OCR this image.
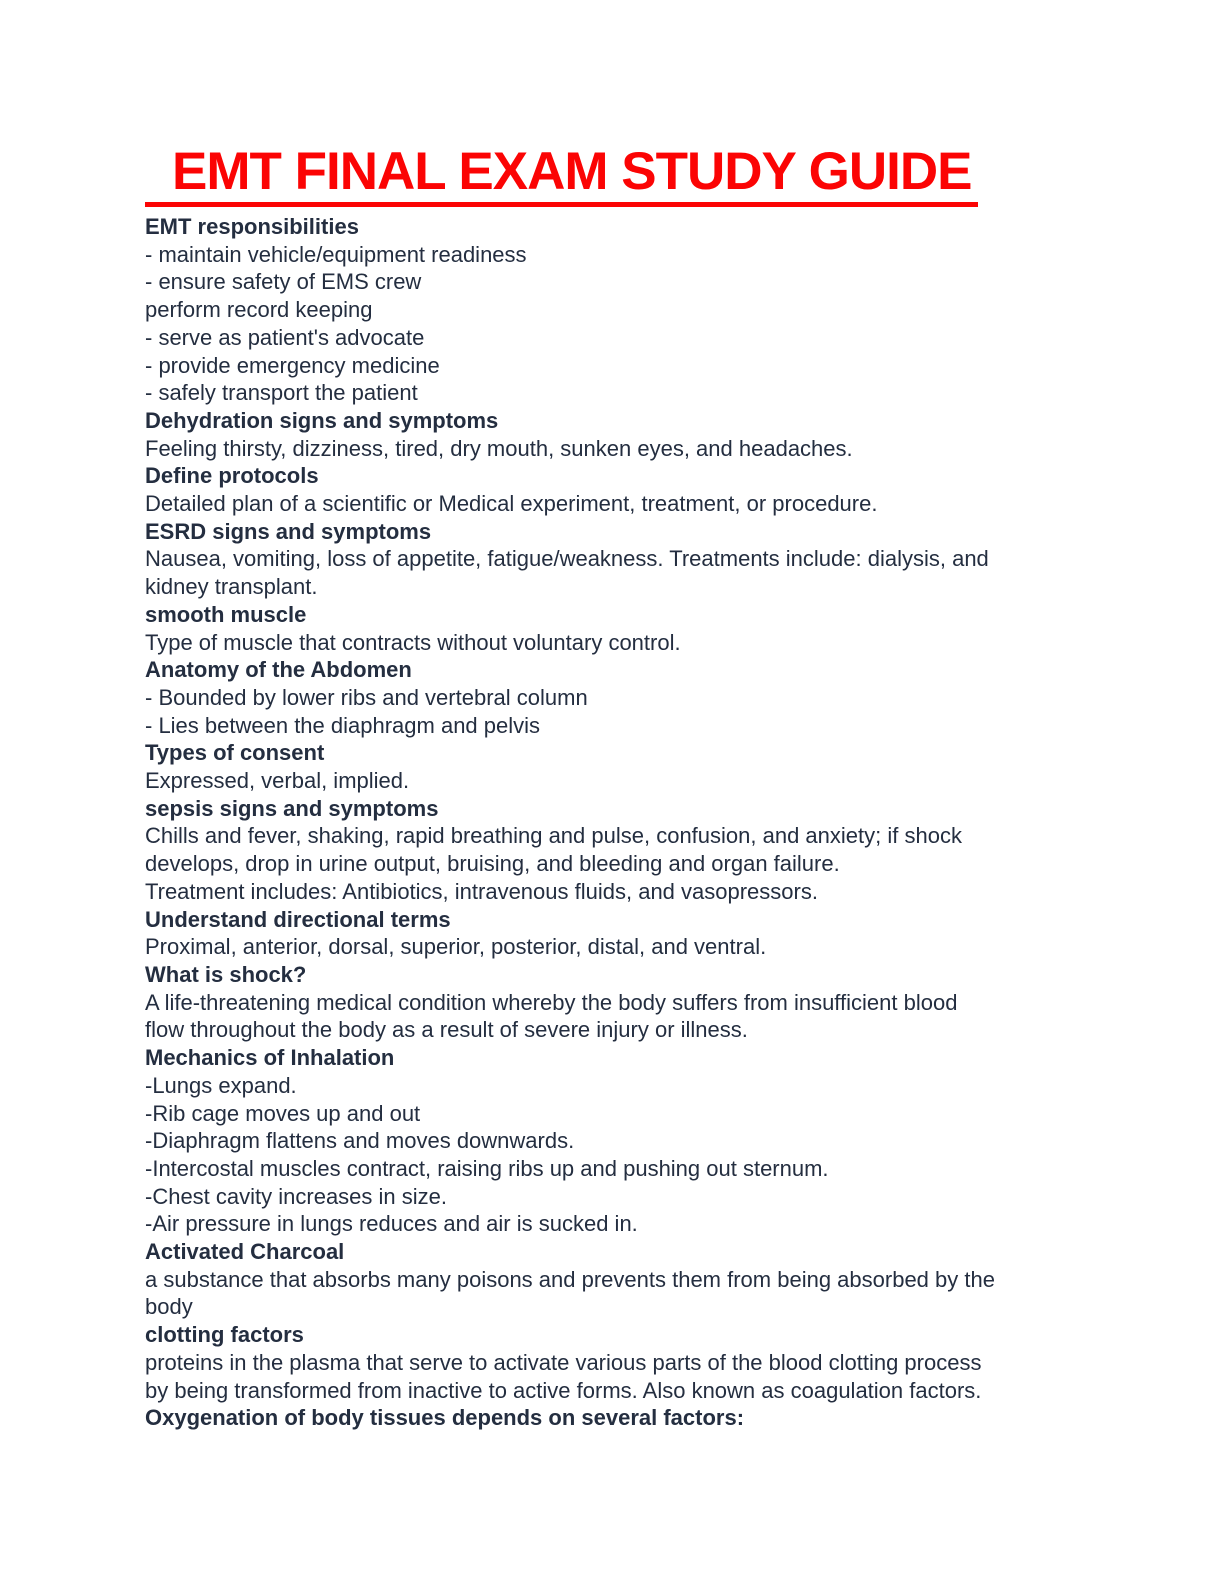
EMT FINAL EXAM STUDY GUIDE
EMT responsibilities
- maintain vehicle/equipment readiness
- ensure safety of EMS crew
perform record keeping
- serve as patient's advocate
- provide emergency medicine
- safely transport the patient
Dehydration signs and symptoms
Feeling thirsty, dizziness, tired, dry mouth, sunken eyes, and headaches.
Define protocols
Detailed plan of a scientific or Medical experiment, treatment, or procedure.
ESRD signs and symptoms
Nausea, vomiting, loss of appetite, fatigue/weakness. Treatments include: dialysis, and
kidney transplant.
smooth muscle
Type of muscle that contracts without voluntary control.
Anatomy of the Abdomen
- Bounded by lower ribs and vertebral column
- Lies between the diaphragm and pelvis
Types of consent
Expressed, verbal, implied.
sepsis signs and symptoms
Chills and fever, shaking, rapid breathing and pulse, confusion, and anxiety; if shock
develops, drop in urine output, bruising, and bleeding and organ failure.
Treatment includes: Antibiotics, intravenous fluids, and vasopressors.
Understand directional terms
Proximal, anterior, dorsal, superior, posterior, distal, and ventral.
What is shock?
A life-threatening medical condition whereby the body suffers from insufficient blood
flow throughout the body as a result of severe injury or illness.
Mechanics of Inhalation
-Lungs expand.
-Rib cage moves up and out
-Diaphragm flattens and moves downwards.
-Intercostal muscles contract, raising ribs up and pushing out sternum.
-Chest cavity increases in size.
-Air pressure in lungs reduces and air is sucked in.
Activated Charcoal
a substance that absorbs many poisons and prevents them from being absorbed by the
body
clotting factors
proteins in the plasma that serve to activate various parts of the blood clotting process
by being transformed from inactive to active forms. Also known as coagulation factors.
Oxygenation of body tissues depends on several factors:
